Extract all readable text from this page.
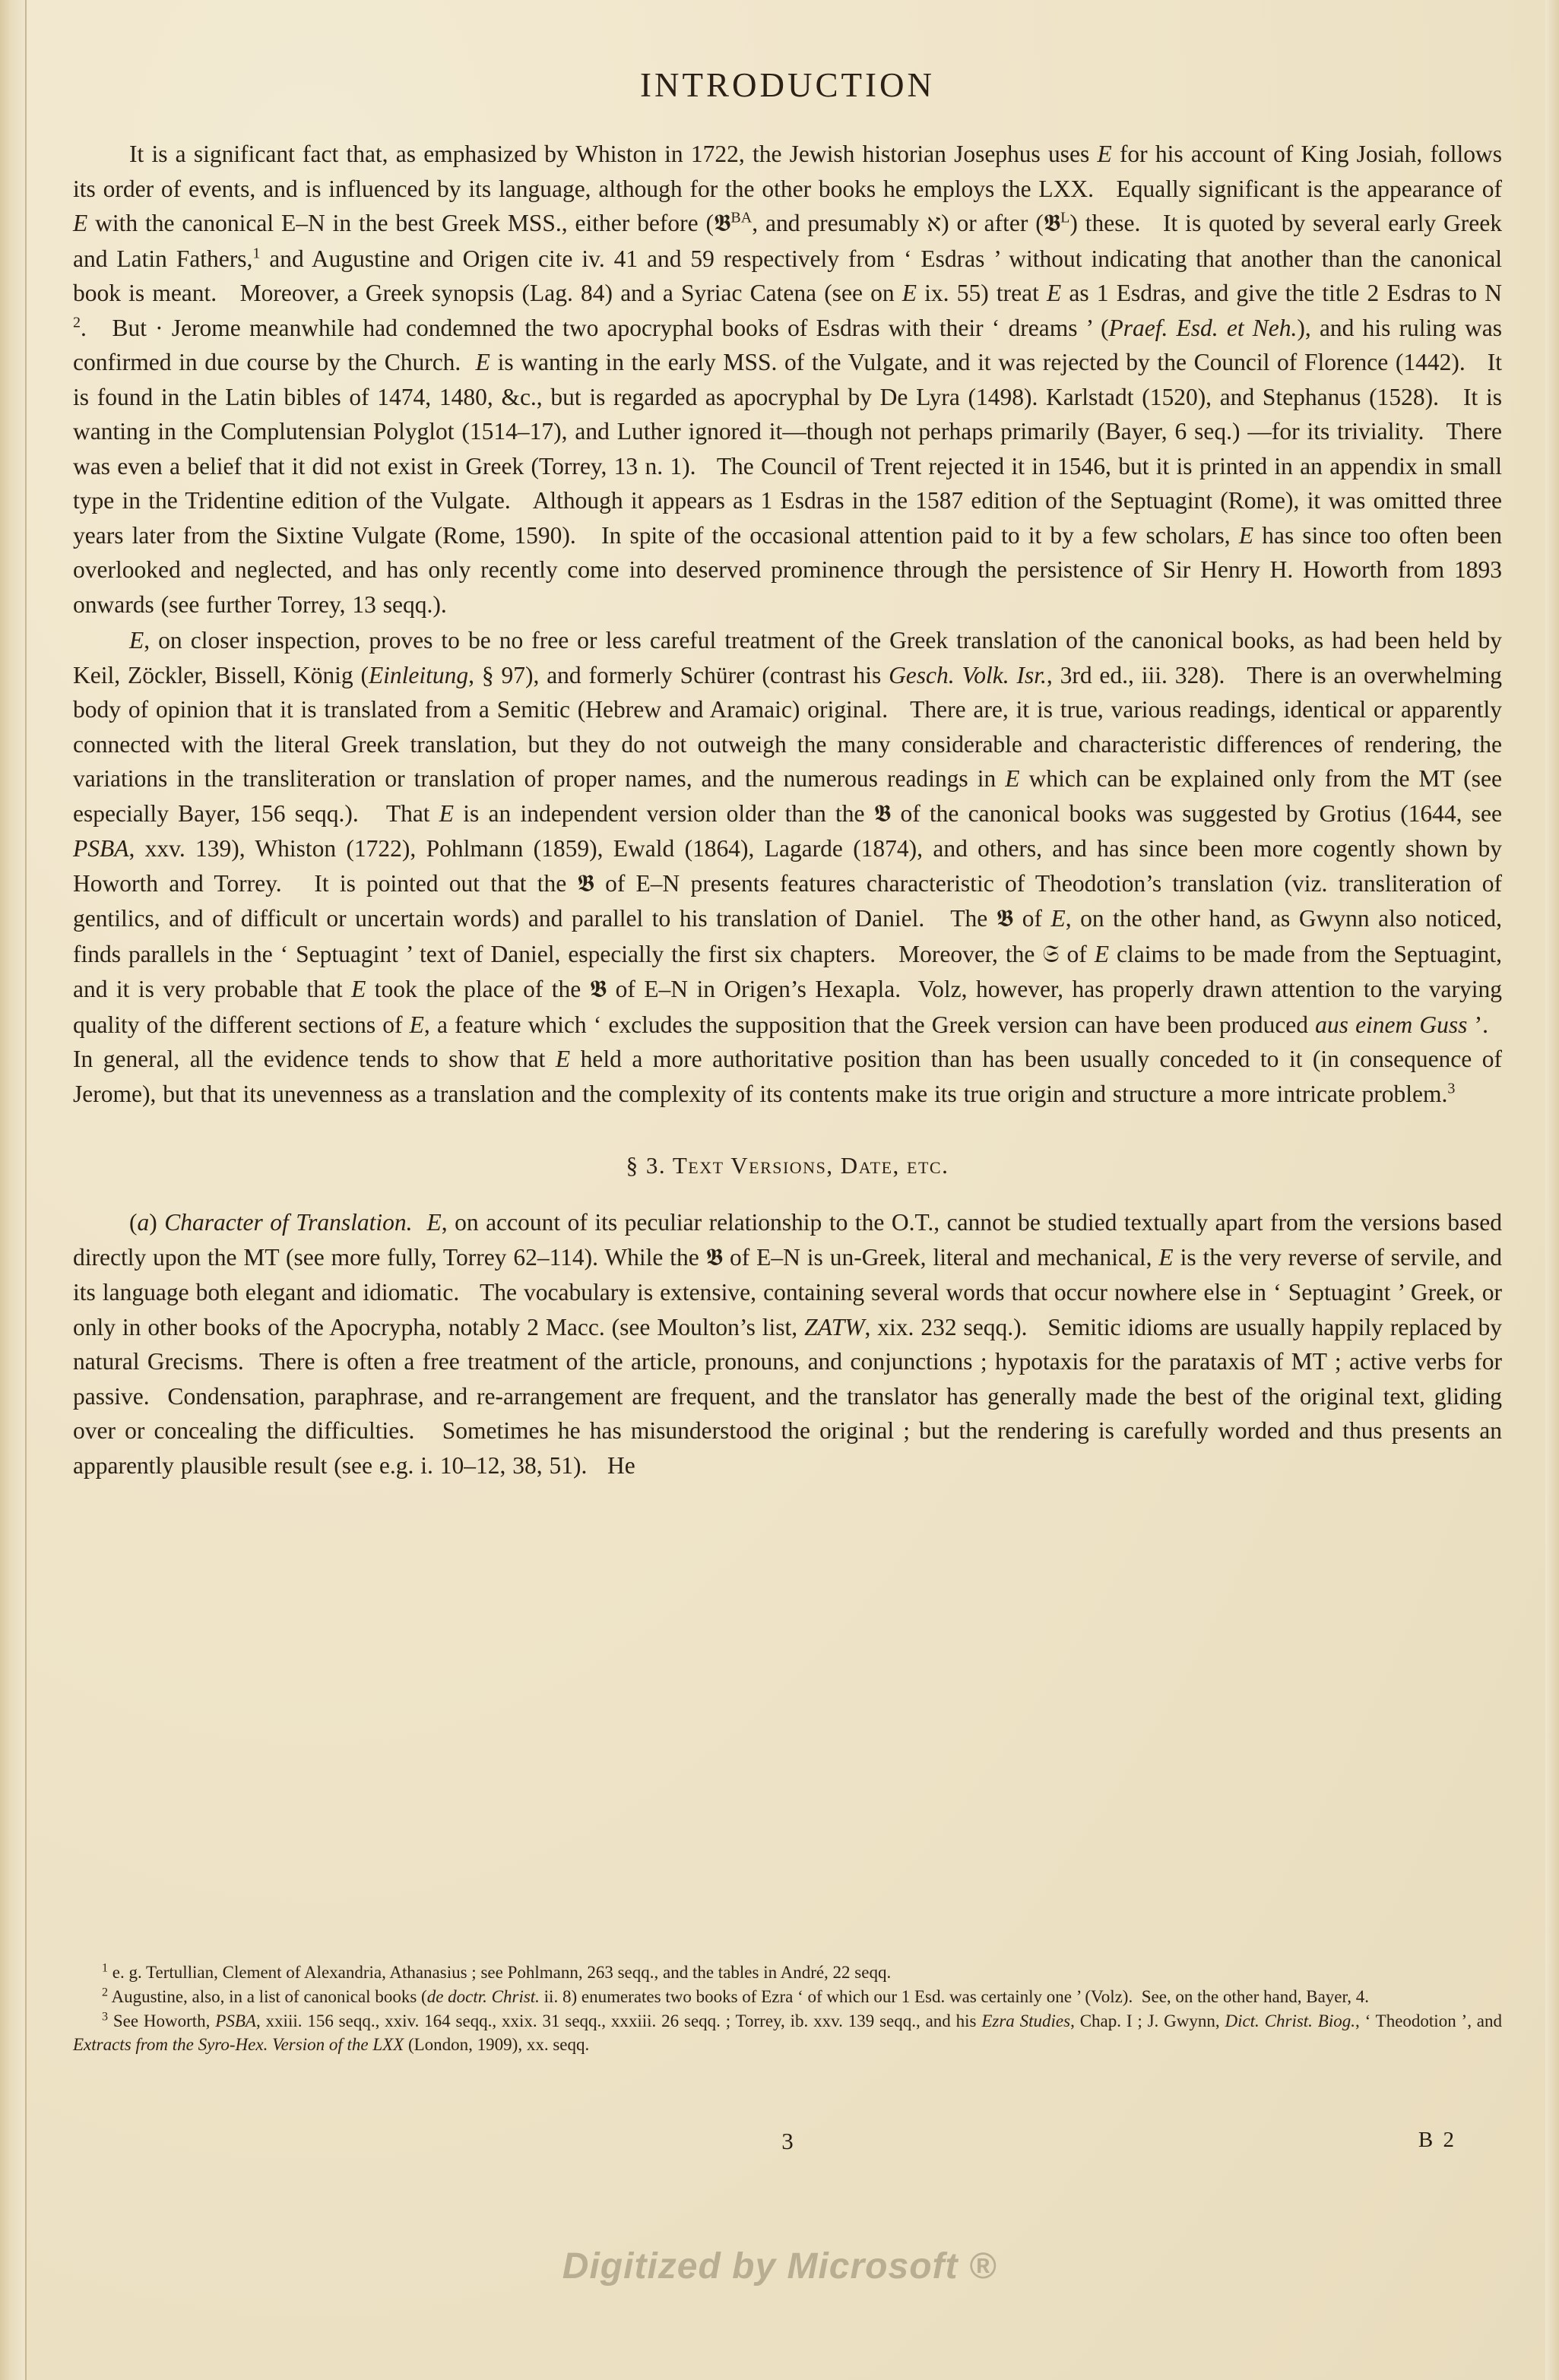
INTRODUCTION

It is a significant fact that, as emphasized by Whiston in 1722, the Jewish historian Josephus uses E for his account of King Josiah, follows its order of events, and is influenced by its language, although for the other books he employs the LXX.   Equally significant is the appearance of E with the canonical E–N in the best Greek MSS., either before (𝕭$^{BA}$, and presumably א) or after (𝕭$^L$) these.   It is quoted by several early Greek and Latin Fathers,$^1$ and Augustine and Origen cite iv. 41 and 59 respectively from ‘ Esdras ’ without indicating that another than the canonical book is meant.   Moreover, a Greek synopsis (Lag. 84) and a Syriac Catena (see on E ix. 55) treat E as 1 Esdras, and give the title 2 Esdras to N $^2$.   But · Jerome meanwhile had condemned the two apocryphal books of Esdras with their ‘ dreams ’ (Praef. Esd. et Neh.), and his ruling was confirmed in due course by the Church.  E is wanting in the early MSS. of the Vulgate, and it was rejected by the Council of Florence (1442).   It is found in the Latin bibles of 1474, 1480, &c., but is regarded as apocryphal by De Lyra (1498). Karlstadt (1520), and Stephanus (1528).   It is wanting in the Complutensian Polyglot (1514–17), and Luther ignored it—though not perhaps primarily (Bayer, 6 seq.) —for its triviality.   There was even a belief that it did not exist in Greek (Torrey, 13 n. 1).   The Council of Trent rejected it in 1546, but it is printed in an appendix in small type in the Tridentine edition of the Vulgate.   Although it appears as 1 Esdras in the 1587 edition of the Septuagint (Rome), it was omitted three years later from the Sixtine Vulgate (Rome, 1590).   In spite of the occasional attention paid to it by a few scholars, E has since too often been overlooked and neglected, and has only recently come into deserved prominence through the persistence of Sir Henry H. Howorth from 1893 onwards (see further Torrey, 13 seqq.).

E, on closer inspection, proves to be no free or less careful treatment of the Greek translation of the canonical books, as had been held by Keil, Zöckler, Bissell, König (Einleitung, § 97), and formerly Schürer (contrast his Gesch. Volk. Isr., 3rd ed., iii. 328).   There is an overwhelming body of opinion that it is translated from a Semitic (Hebrew and Aramaic) original.   There are, it is true, various readings, identical or apparently connected with the literal Greek translation, but they do not outweigh the many considerable and characteristic differences of rendering, the variations in the transliteration or translation of proper names, and the numerous readings in E which can be explained only from the MT (see especially Bayer, 156 seqq.).   That E is an independent version older than the 𝕭 of the canonical books was suggested by Grotius (1644, see PSBA, xxv. 139), Whiston (1722), Pohlmann (1859), Ewald (1864), Lagarde (1874), and others, and has since been more cogently shown by Howorth and Torrey.   It is pointed out that the 𝕭 of E–N presents features characteristic of Theodotion’s translation (viz. transliteration of gentilics, and of difficult or uncertain words) and parallel to his translation of Daniel.   The 𝕭 of E, on the other hand, as Gwynn also noticed, finds parallels in the ‘ Septuagint ’ text of Daniel, especially the first six chapters.   Moreover, the 𝔖 of E claims to be made from the Septuagint, and it is very probable that E took the place of the 𝕭 of E–N in Origen’s Hexapla.  Volz, however, has properly drawn attention to the varying quality of the different sections of E, a feature which ‘ excludes the supposition that the Greek version can have been produced aus einem Guss ’.   In general, all the evidence tends to show that E held a more authoritative position than has been usually conceded to it (in consequence of Jerome), but that its unevenness as a translation and the complexity of its contents make its true origin and structure a more intricate problem.$^3$

§ 3. Text Versions, Date, etc.

(a) Character of Translation. E, on account of its peculiar relationship to the O.T., cannot be studied textually apart from the versions based directly upon the MT (see more fully, Torrey 62–114). While the 𝕭 of E–N is un-Greek, literal and mechanical, E is the very reverse of servile, and its language both elegant and idiomatic.   The vocabulary is extensive, containing several words that occur nowhere else in ‘ Septuagint ’ Greek, or only in other books of the Apocrypha, notably 2 Macc. (see Moulton’s list, ZATW, xix. 232 seqq.).   Semitic idioms are usually happily replaced by natural Grecisms.  There is often a free treatment of the article, pronouns, and conjunctions ; hypotaxis for the parataxis of MT ; active verbs for passive.  Condensation, paraphrase, and re-arrangement are frequent, and the translator has generally made the best of the original text, gliding over or concealing the difficulties.   Sometimes he has misunderstood the original ; but the rendering is carefully worded and thus presents an apparently plausible result (see e.g. i. 10–12, 38, 51).   He

$^1$ e. g. Tertullian, Clement of Alexandria, Athanasius ; see Pohlmann, 263 seqq., and the tables in André, 22 seqq.

$^2$ Augustine, also, in a list of canonical books (de doctr. Christ. ii. 8) enumerates two books of Ezra ‘ of which our 1 Esd. was certainly one ’ (Volz).  See, on the other hand, Bayer, 4.

$^3$ See Howorth, PSBA, xxiii. 156 seqq., xxiv. 164 seqq., xxix. 31 seqq., xxxiii. 26 seqq. ; Torrey, ib. xxv. 139 seqq., and his Ezra Studies, Chap. I ; J. Gwynn, Dict. Christ. Biog., ‘ Theodotion ’, and Extracts from the Syro-Hex. Version of the LXX (London, 1909), xx. seqq.

3	B 2
Digitized by Microsoft ®
